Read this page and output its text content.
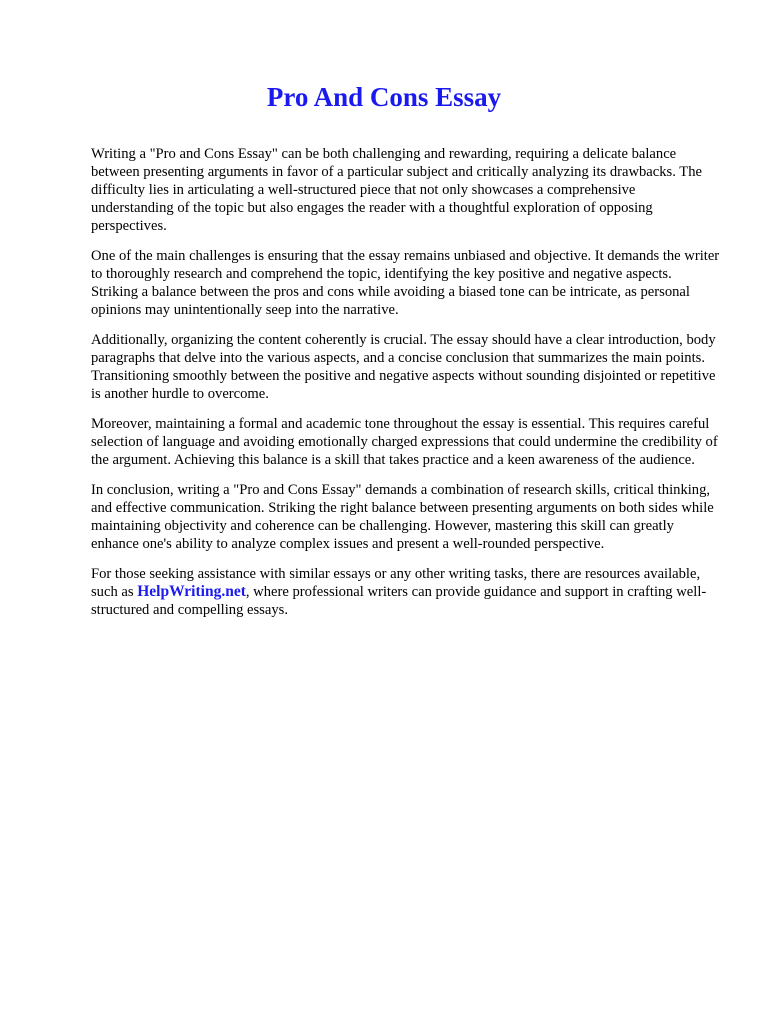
Pro And Cons Essay

Writing a "Pro and Cons Essay" can be both challenging and rewarding, requiring a delicate balance between presenting arguments in favor of a particular subject and critically analyzing its drawbacks. The difficulty lies in articulating a well-structured piece that not only showcases a comprehensive understanding of the topic but also engages the reader with a thoughtful exploration of opposing perspectives.

One of the main challenges is ensuring that the essay remains unbiased and objective. It demands the writer to thoroughly research and comprehend the topic, identifying the key positive and negative aspects. Striking a balance between the pros and cons while avoiding a biased tone can be intricate, as personal opinions may unintentionally seep into the narrative.

Additionally, organizing the content coherently is crucial. The essay should have a clear introduction, body paragraphs that delve into the various aspects, and a concise conclusion that summarizes the main points. Transitioning smoothly between the positive and negative aspects without sounding disjointed or repetitive is another hurdle to overcome.

Moreover, maintaining a formal and academic tone throughout the essay is essential. This requires careful selection of language and avoiding emotionally charged expressions that could undermine the credibility of the argument. Achieving this balance is a skill that takes practice and a keen awareness of the audience.

In conclusion, writing a "Pro and Cons Essay" demands a combination of research skills, critical thinking, and effective communication. Striking the right balance between presenting arguments on both sides while maintaining objectivity and coherence can be challenging. However, mastering this skill can greatly enhance one's ability to analyze complex issues and present a well-rounded perspective.

For those seeking assistance with similar essays or any other writing tasks, there are resources available, such as HelpWriting.net, where professional writers can provide guidance and support in crafting well-structured and compelling essays.
